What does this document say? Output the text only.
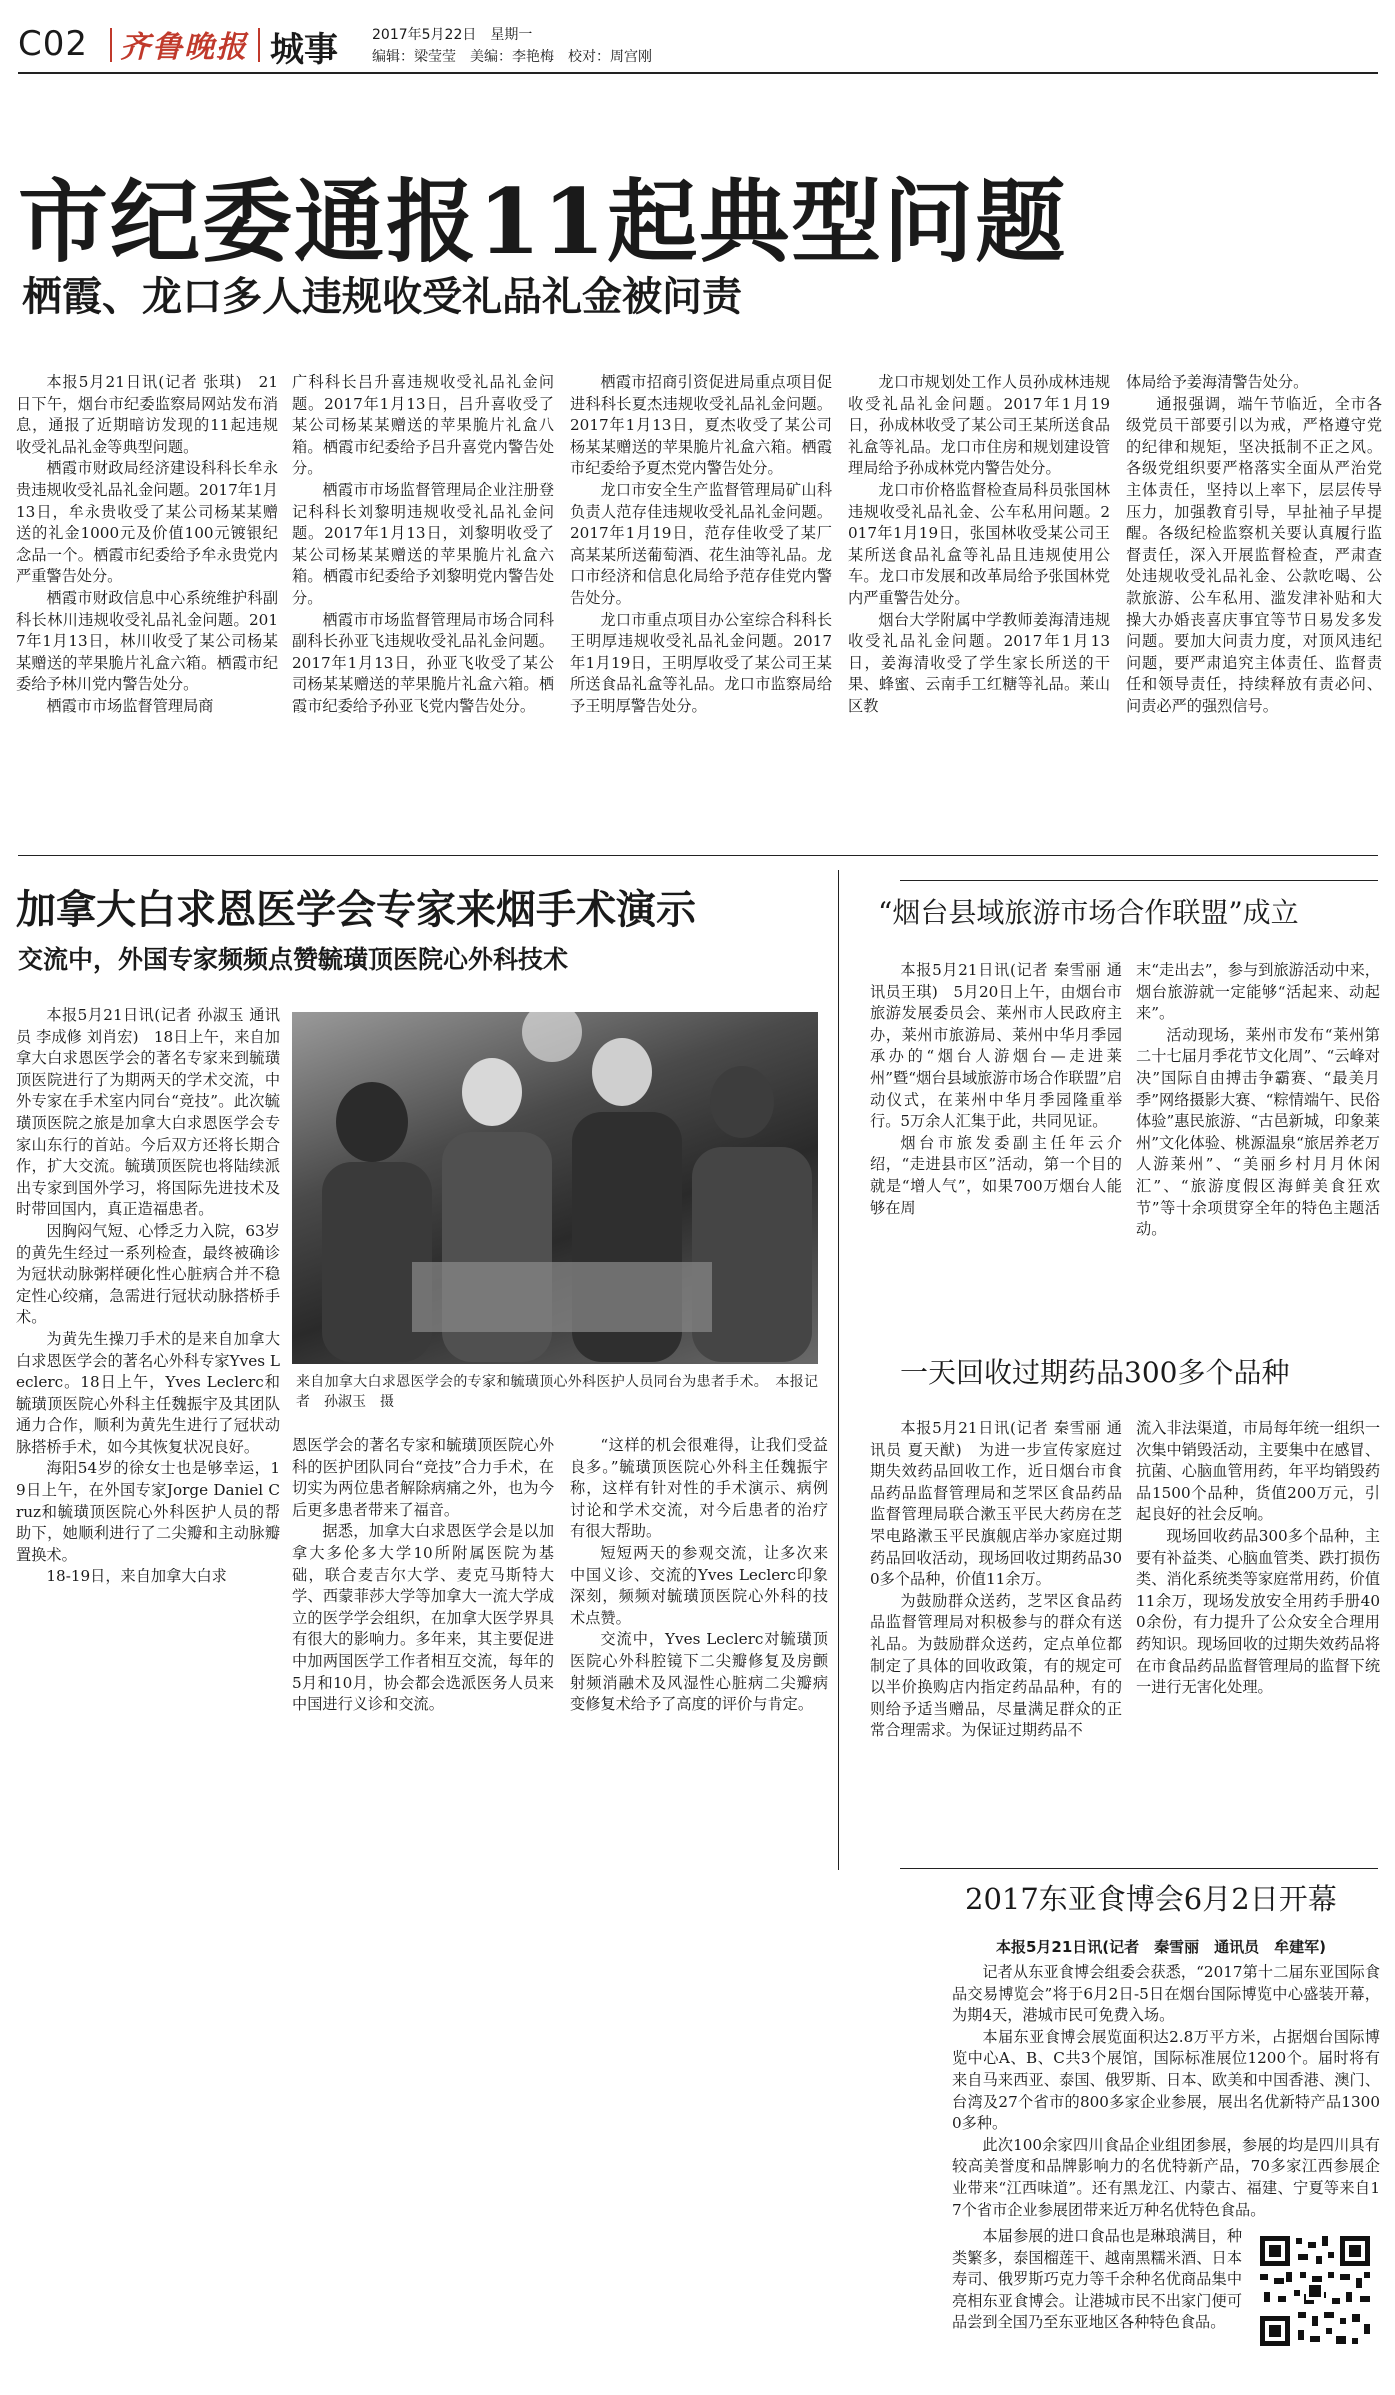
C02 齐鲁晚报 城事 2017年5月22日　星期一
编辑：梁莹莹　美编：李艳梅　校对：周宫刚
市纪委通报11起典型问题
栖霞、龙口多人违规收受礼品礼金被问责

本报5月21日讯(记者 张琪)　21日下午，烟台市纪委监察局网站发布消息，通报了近期暗访发现的11起违规收受礼品礼金等典型问题。

栖霞市财政局经济建设科科长牟永贵违规收受礼品礼金问题。2017年1月13日，牟永贵收受了某公司杨某某赠送的礼金1000元及价值100元镀银纪念品一个。栖霞市纪委给予牟永贵党内严重警告处分。

栖霞市财政信息中心系统维护科副科长林川违规收受礼品礼金问题。2017年1月13日，林川收受了某公司杨某某赠送的苹果脆片礼盒六箱。栖霞市纪委给予林川党内警告处分。

栖霞市市场监督管理局商

广科科长吕升喜违规收受礼品礼金问题。2017年1月13日，吕升喜收受了某公司杨某某赠送的苹果脆片礼盒八箱。栖霞市纪委给予吕升喜党内警告处分。

栖霞市市场监督管理局企业注册登记科科长刘黎明违规收受礼品礼金问题。2017年1月13日，刘黎明收受了某公司杨某某赠送的苹果脆片礼盒六箱。栖霞市纪委给予刘黎明党内警告处分。

栖霞市市场监督管理局市场合同科副科长孙亚飞违规收受礼品礼金问题。2017年1月13日，孙亚飞收受了某公司杨某某赠送的苹果脆片礼盒六箱。栖霞市纪委给予孙亚飞党内警告处分。

栖霞市招商引资促进局重点项目促进科科长夏杰违规收受礼品礼金问题。2017年1月13日，夏杰收受了某公司杨某某赠送的苹果脆片礼盒六箱。栖霞市纪委给予夏杰党内警告处分。

龙口市安全生产监督管理局矿山科负责人范存佳违规收受礼品礼金问题。2017年1月19日，范存佳收受了某厂高某某所送葡萄酒、花生油等礼品。龙口市经济和信息化局给予范存佳党内警告处分。

龙口市重点项目办公室综合科科长王明厚违规收受礼品礼金问题。2017年1月19日，王明厚收受了某公司王某所送食品礼盒等礼品。龙口市监察局给予王明厚警告处分。

龙口市规划处工作人员孙成林违规收受礼品礼金问题。2017年1月19日，孙成林收受了某公司王某所送食品礼盒等礼品。龙口市住房和规划建设管理局给予孙成林党内警告处分。

龙口市价格监督检查局科员张国林违规收受礼品礼金、公车私用问题。2017年1月19日，张国林收受某公司王某所送食品礼盒等礼品且违规使用公车。龙口市发展和改革局给予张国林党内严重警告处分。

烟台大学附属中学教师姜海清违规收受礼品礼金问题。2017年1月13日，姜海清收受了学生家长所送的干果、蜂蜜、云南手工红糖等礼品。莱山区教

体局给予姜海清警告处分。

通报强调，端午节临近，全市各级党员干部要引以为戒，严格遵守党的纪律和规矩，坚决抵制不正之风。各级党组织要严格落实全面从严治党主体责任，坚持以上率下，层层传导压力，加强教育引导，早扯袖子早提醒。各级纪检监察机关要认真履行监督责任，深入开展监督检查，严肃查处违规收受礼品礼金、公款吃喝、公款旅游、公车私用、滥发津补贴和大操大办婚丧喜庆事宜等节日易发多发问题。要加大问责力度，对顶风违纪问题，要严肃追究主体责任、监督责任和领导责任，持续释放有责必问、问责必严的强烈信号。

加拿大白求恩医学会专家来烟手术演示
交流中，外国专家频频点赞毓璜顶医院心外科技术

本报5月21日讯(记者 孙淑玉 通讯员 李成修 刘肖宏)　18日上午，来自加拿大白求恩医学会的著名专家来到毓璜顶医院进行了为期两天的学术交流，中外专家在手术室内同台“竞技”。此次毓璜顶医院之旅是加拿大白求恩医学会专家山东行的首站。今后双方还将长期合作，扩大交流。毓璜顶医院也将陆续派出专家到国外学习，将国际先进技术及时带回国内，真正造福患者。

因胸闷气短、心悸乏力入院，63岁的黄先生经过一系列检查，最终被确诊为冠状动脉粥样硬化性心脏病合并不稳定性心绞痛，急需进行冠状动脉搭桥手术。

为黄先生操刀手术的是来自加拿大白求恩医学会的著名心外科专家Yves Leclerc。18日上午，Yves Leclerc和毓璜顶医院心外科主任魏振宇及其团队通力合作，顺利为黄先生进行了冠状动脉搭桥手术，如今其恢复状况良好。

海阳54岁的徐女士也是够幸运，19日上午，在外国专家Jorge Daniel Cruz和毓璜顶医院心外科医护人员的帮助下，她顺利进行了二尖瓣和主动脉瓣置换术。

18-19日，来自加拿大白求

来自加拿大白求恩医学会的专家和毓璜顶心外科医护人员同台为患者手术。　本报记者　孙淑玉　摄

恩医学会的著名专家和毓璜顶医院心外科的医护团队同台“竞技”合力手术，在切实为两位患者解除病痛之外，也为今后更多患者带来了福音。

据悉，加拿大白求恩医学会是以加拿大多伦多大学10所附属医院为基础，联合麦吉尔大学、麦克马斯特大学、西蒙菲莎大学等加拿大一流大学成立的医学学会组织，在加拿大医学界具有很大的影响力。多年来，其主要促进中加两国医学工作者相互交流，每年的5月和10月，协会都会选派医务人员来中国进行义诊和交流。

“这样的机会很难得，让我们受益良多。”毓璜顶医院心外科主任魏振宇称，这样有针对性的手术演示、病例讨论和学术交流，对今后患者的治疗有很大帮助。

短短两天的参观交流，让多次来中国义诊、交流的Yves Leclerc印象深刻，频频对毓璜顶医院心外科的技术点赞。

交流中，Yves Leclerc对毓璜顶医院心外科腔镜下二尖瓣修复及房颤射频消融术及风湿性心脏病二尖瓣病变修复术给予了高度的评价与肯定。

“烟台县域旅游市场合作联盟”成立

本报5月21日讯(记者 秦雪丽 通讯员王琪)　5月20日上午，由烟台市旅游发展委员会、莱州市人民政府主办，莱州市旅游局、莱州中华月季园承办的“烟台人游烟台—走进莱州”暨“烟台县域旅游市场合作联盟”启动仪式，在莱州中华月季园隆重举行。5万余人汇集于此，共同见证。

烟台市旅发委副主任年云介绍，“走进县市区”活动，第一个目的就是“增人气”，如果700万烟台人能够在周

末“走出去”，参与到旅游活动中来，烟台旅游就一定能够“活起来、动起来”。

活动现场，莱州市发布“莱州第二十七届月季花节文化周”、“云峰对决”国际自由搏击争霸赛、“最美月季”网络摄影大赛、“粽情端午、民俗体验”惠民旅游、“古邑新城，印象莱州”文化体验、桃源温泉“旅居养老万人游莱州”、“美丽乡村月月休闲汇”、“旅游度假区海鲜美食狂欢节”等十余项贯穿全年的特色主题活动。

一天回收过期药品300多个品种

本报5月21日讯(记者 秦雪丽 通讯员 夏天猷)　为进一步宣传家庭过期失效药品回收工作，近日烟台市食品药品监督管理局和芝罘区食品药品监督管理局联合漱玉平民大药房在芝罘电路漱玉平民旗舰店举办家庭过期药品回收活动，现场回收过期药品300多个品种，价值11余万。

为鼓励群众送药，芝罘区食品药品监督管理局对积极参与的群众有送礼品。为鼓励群众送药，定点单位都制定了具体的回收政策，有的规定可以半价换购店内指定药品品种，有的则给予适当赠品，尽量满足群众的正常合理需求。为保证过期药品不

流入非法渠道，市局每年统一组织一次集中销毁活动，主要集中在感冒、抗菌、心脑血管用药，年平均销毁药品1500个品种，货值200万元，引起良好的社会反响。

现场回收药品300多个品种，主要有补益类、心脑血管类、跌打损伤类、消化系统类等家庭常用药，价值11余万，现场发放安全用药手册400余份，有力提升了公众安全合理用药知识。现场回收的过期失效药品将在市食品药品监督管理局的监督下统一进行无害化处理。

2017东亚食博会6月2日开幕
本报5月21日讯(记者　秦雪丽　通讯员　牟建军)

记者从东亚食博会组委会获悉，“2017第十二届东亚国际食品交易博览会”将于6月2日-5日在烟台国际博览中心盛装开幕，为期4天，港城市民可免费入场。

本届东亚食博会展览面积达2.8万平方米，占据烟台国际博览中心A、B、C共3个展馆，国际标准展位1200个。届时将有来自马来西亚、泰国、俄罗斯、日本、欧美和中国香港、澳门、台湾及27个省市的800多家企业参展，展出名优新特产品13000多种。

此次100余家四川食品企业组团参展，参展的均是四川具有较高美誉度和品牌影响力的名优特新产品，70多家江西参展企业带来“江西味道”。还有黑龙江、内蒙古、福建、宁夏等来自17个省市企业参展团带来近万种名优特色食品。

本届参展的进口食品也是琳琅满目，种类繁多，泰国榴莲干、越南黑糯米酒、日本寿司、俄罗斯巧克力等千余种名优商品集中亮相东亚食博会。让港城市民不出家门便可品尝到全国乃至东亚地区各种特色食品。
